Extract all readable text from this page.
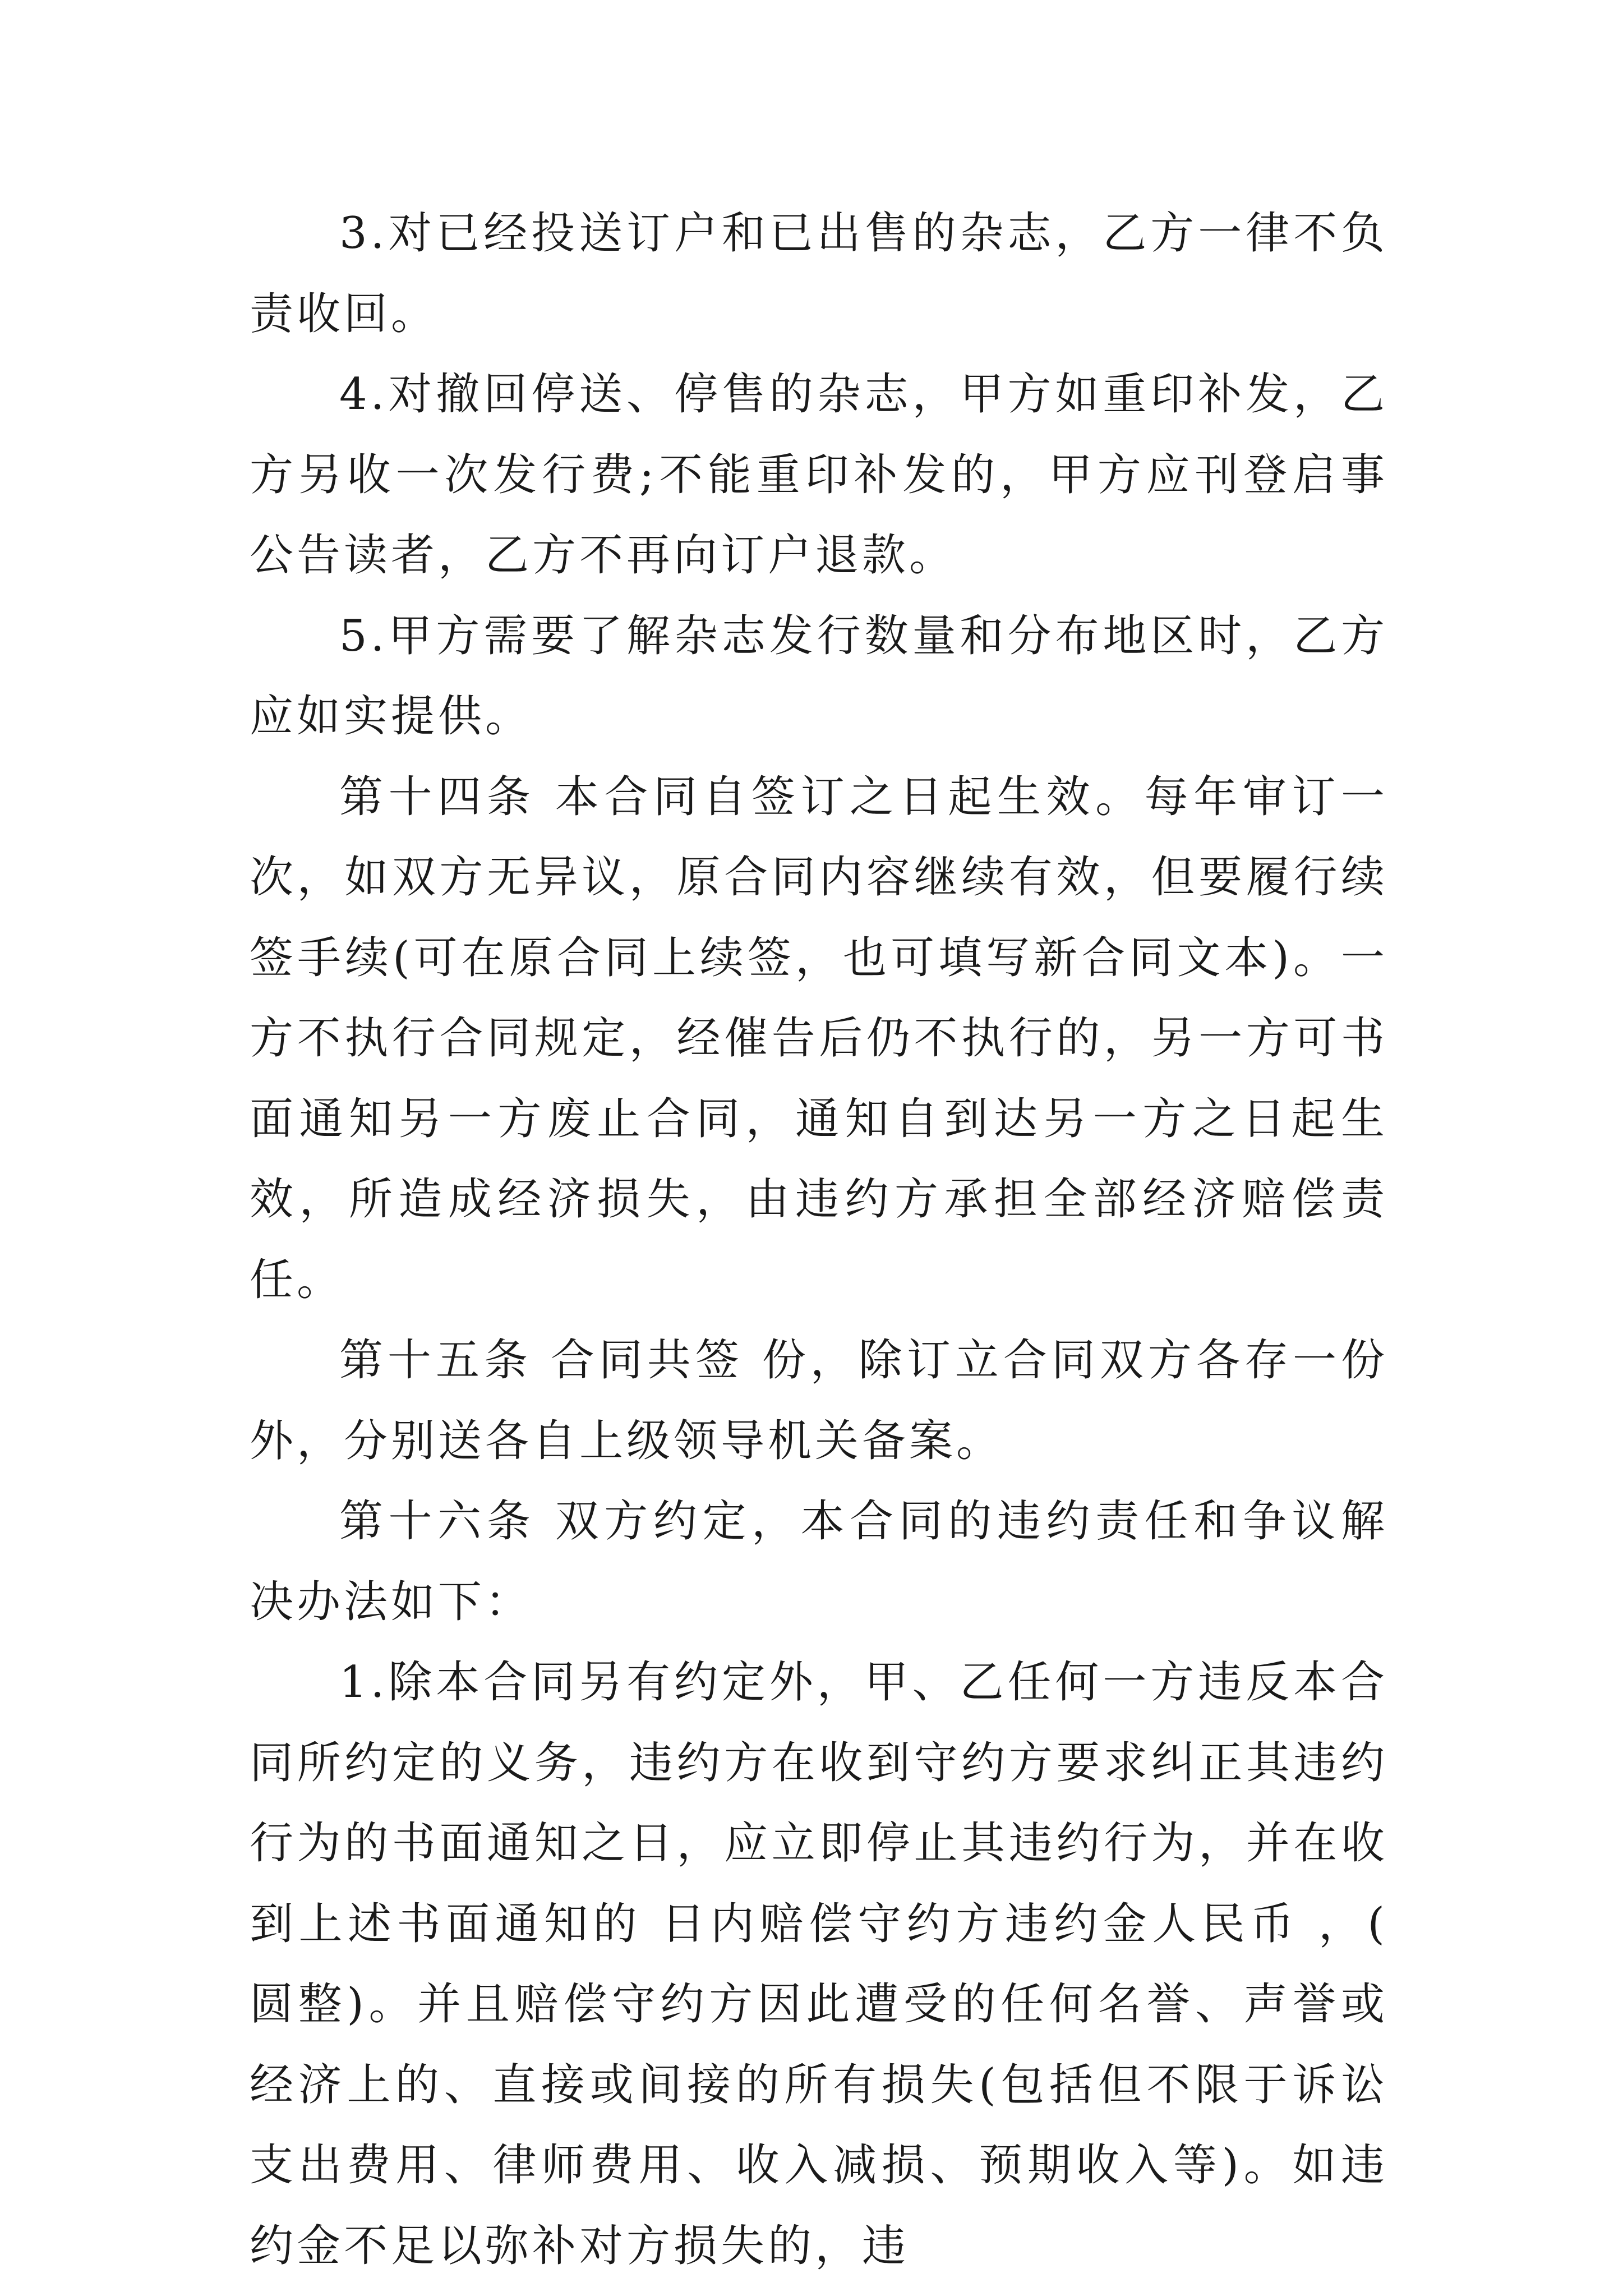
3.对已经投送订户和已出售的杂志，乙方一律不负责收回。

4.对撤回停送、停售的杂志，甲方如重印补发，乙方另收一次发行费;不能重印补发的，甲方应刊登启事公告读者，乙方不再向订户退款。

5.甲方需要了解杂志发行数量和分布地区时，乙方应如实提供。

第十四条 本合同自签订之日起生效。每年审订一次，如双方无异议，原合同内容继续有效，但要履行续签手续(可在原合同上续签，也可填写新合同文本)。一方不执行合同规定，经催告后仍不执行的，另一方可书面通知另一方废止合同，通知自到达另一方之日起生效，所造成经济损失，由违约方承担全部经济赔偿责任。

第十五条 合同共签 份，除订立合同双方各存一份外，分别送各自上级领导机关备案。

第十六条 双方约定，本合同的违约责任和争议解决办法如下：

1.除本合同另有约定外，甲、乙任何一方违反本合同所约定的义务，违约方在收到守约方要求纠正其违约行为的书面通知之日，应立即停止其违约行为，并在收到上述书面通知的 日内赔偿守约方违约金人民币 ，( 圆整)。并且赔偿守约方因此遭受的任何名誉、声誉或经济上的、直接或间接的所有损失(包括但不限于诉讼支出费用、律师费用、收入减损、预期收入等)。如违约金不足以弥补对方损失的，违
